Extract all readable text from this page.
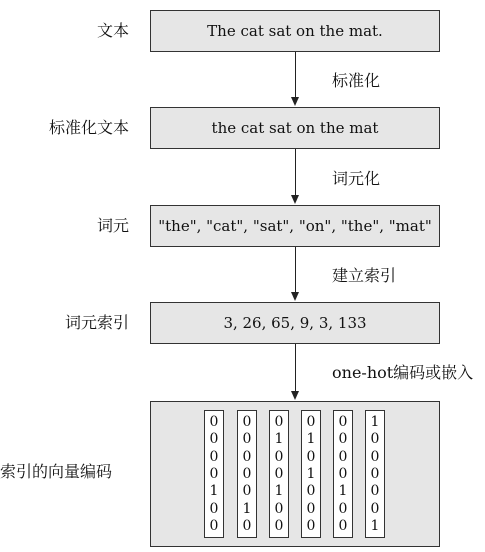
文本
标准化文本
词元
词元索引
索引的向量编码
The cat sat on the mat.
the cat sat on the mat
"the", "cat", "sat", "on", "the", "mat"
3, 26, 65, 9, 3, 133
标准化
词元化
建立索引
one-hot编码或嵌入
0
0
0
0
1
0
0
0
0
0
0
0
1
0
0
1
0
0
1
0
0
0
1
0
1
0
0
0
0
0
0
0
1
0
0
1
0
0
0
0
0
1
